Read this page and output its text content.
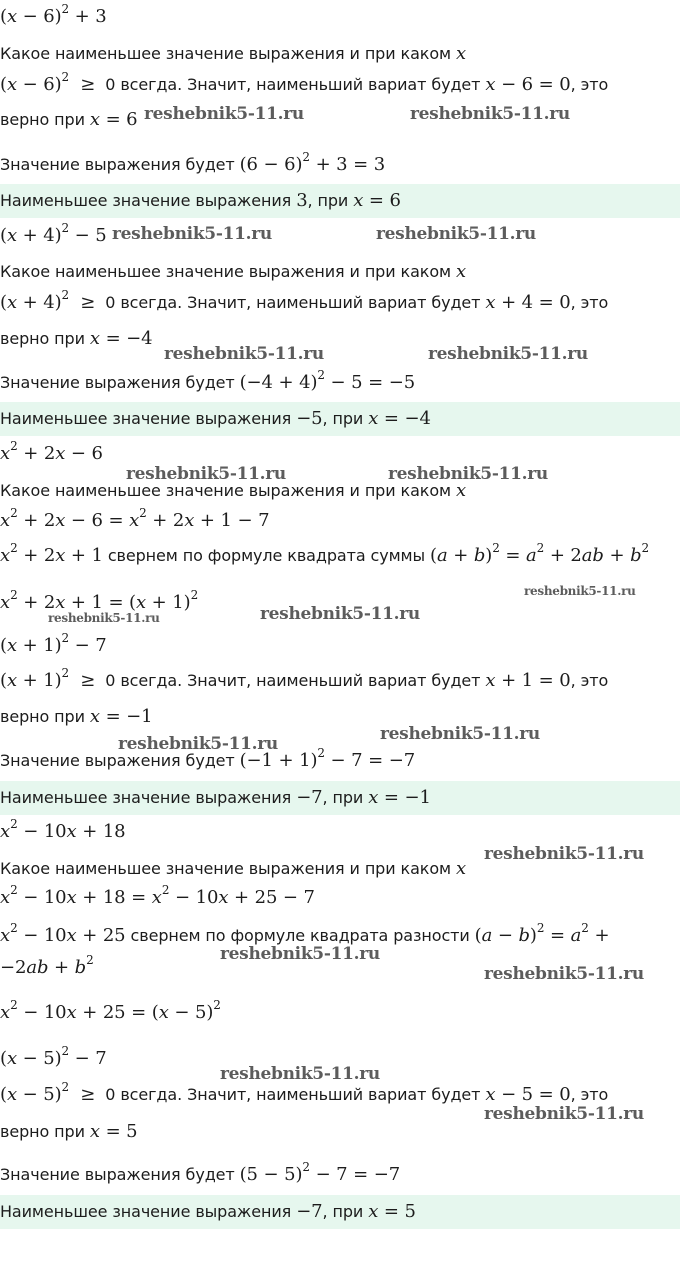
$(x - 6)^2 + 3$
Какое наименьшее значение выражения и при каком x
$(x - 6)^2 \ge 0$ всегда. Значит, наименьший вариат будет x − 6 = 0, это
верно при x = 6
Значение выражения будет $(6 - 6)^2 + 3 = 3$
Наименьшее значение выражения 3, при x = 6
$(x + 4)^2 - 5$
Какое наименьшее значение выражения и при каком x
$(x + 4)^2 \ge 0$ всегда. Значит, наименьший вариат будет x + 4 = 0, это
верно при x = −4
Значение выражения будет $(-4 + 4)^2 - 5 = -5$
Наименьшее значение выражения −5, при x = −4
$x^2 + 2x - 6$
Какое наименьшее значение выражения и при каком x
$x^2 + 2x - 6 = x^2 + 2x + 1 - 7$
$x^2 + 2x + 1$ свернем по формуле квадрата суммы $(a + b)^2 = a^2 + 2ab + b^2$
$x^2 + 2x + 1 = (x + 1)^2$
$(x + 1)^2 - 7$
$(x + 1)^2 \ge 0$ всегда. Значит, наименьший вариат будет x + 1 = 0, это
верно при x = −1
Значение выражения будет $(-1 + 1)^2 - 7 = -7$
Наименьшее значение выражения −7, при x = −1
$x^2 - 10x + 18$
Какое наименьшее значение выражения и при каком x
$x^2 - 10x + 18 = x^2 - 10x + 25 - 7$
$x^2 - 10x + 25$ свернем по формуле квадрата разности $(a - b)^2 = a^2$ +
$-2ab + b^2$
$x^2 - 10x + 25 = (x - 5)^2$
$(x - 5)^2 - 7$
$(x - 5)^2 \ge 0$ всегда. Значит, наименьший вариат будет x − 5 = 0, это
верно при x = 5
Значение выражения будет $(5 - 5)^2 - 7 = -7$
Наименьшее значение выражения −7, при x = 5
reshebnik5-11.ru	reshebnik5-11.ru
reshebnik5-11.ru	reshebnik5-11.ru
reshebnik5-11.ru	reshebnik5-11.ru
reshebnik5-11.ru	reshebnik5-11.ru
reshebnik5-11.ru
reshebnik5-11.ru	reshebnik5-11.ru
reshebnik5-11.ru
reshebnik5-11.ru
reshebnik5-11.ru
reshebnik5-11.ru
reshebnik5-11.ru
reshebnik5-11.ru
reshebnik5-11.ru
